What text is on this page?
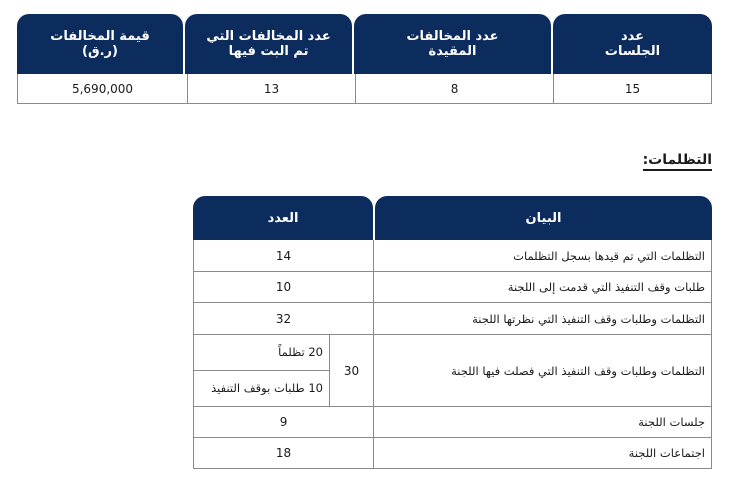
عدد
الجلسات
عدد المخالفات
المقيدة
عدد المخالفات التي
تم البت فيها
قيمة المخالفات
(ر.ق)
15
8
13
5,690,000
التظلمات:
البيان
العدد
التظلمات التي تم قيدها بسجل التظلمات
14
طلبات وقف التنفيذ التي قدمت إلى اللجنة
10
التظلمات وطلبات وقف التنفيذ التي نظرتها اللجنة
32
التظلمات وطلبات وقف التنفيذ التي فصلت فيها اللجنة
30
20 تظلماً
10 طلبات بوقف التنفيذ
جلسات اللجنة
9
اجتماعات اللجنة
18
